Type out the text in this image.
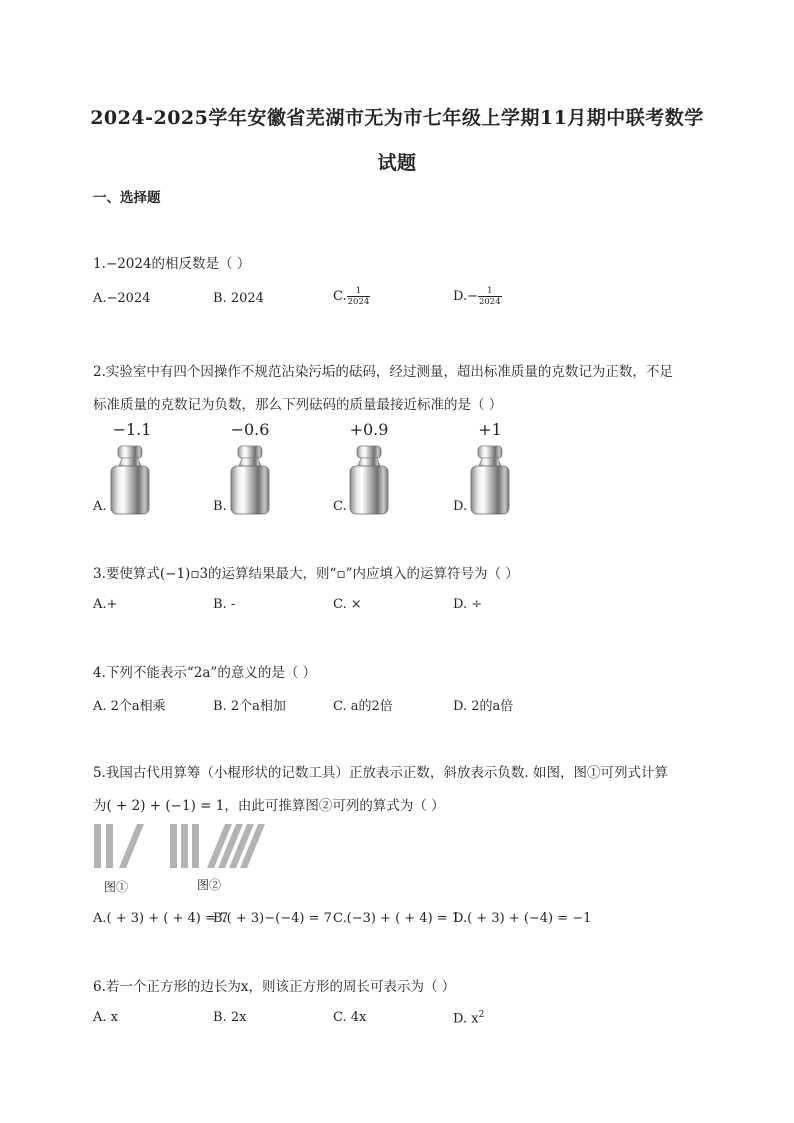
2024-2025学年安徽省芜湖市无为市七年级上学期11月期中联考数学
试题
一、选择题
1.−2024的相反数是（ ）
A.−2024	B. 2024	C. $\frac{1}{2024}$	$D.- \frac{1}{2024}$
2.实验室中有四个因操作不规范沾染污垢的砝码，经过测量，超出标准质量的克数记为正数，不足
标准质量的克数记为负数，那么下列砝码的质量最接近标准的是（ ）
−1.1	−0.6	+0.9	+1
A.	B.	C.	D.
3.要使算式(−1)▫3的运算结果最大，则“▫”内应填入的运算符号为（ ）
A.+	B. -	C. ×	D. ÷
4.下列不能表示“2a”的意义的是（ ）
A. 2个a相乘	B. 2个a相加	C. a的2倍	D. 2的a倍
5.我国古代用算筹（小棍形状的记数工具）正放表示正数，斜放表示负数. 如图，图①可列式计算
为( + 2) + (−1) = 1，由此可推算图②可列的算式为（ ）
图①	图②
A.( + 3) + ( + 4) = 7
B.( + 3)−(−4) = 7 C.(−3) + ( + 4) = 1
D.( + 3) + (−4) = −1
6.若一个正方形的边长为x，则该正方形的周长可表示为（ ）
A. x	B. 2x	C. 4x	D. $x^2$
